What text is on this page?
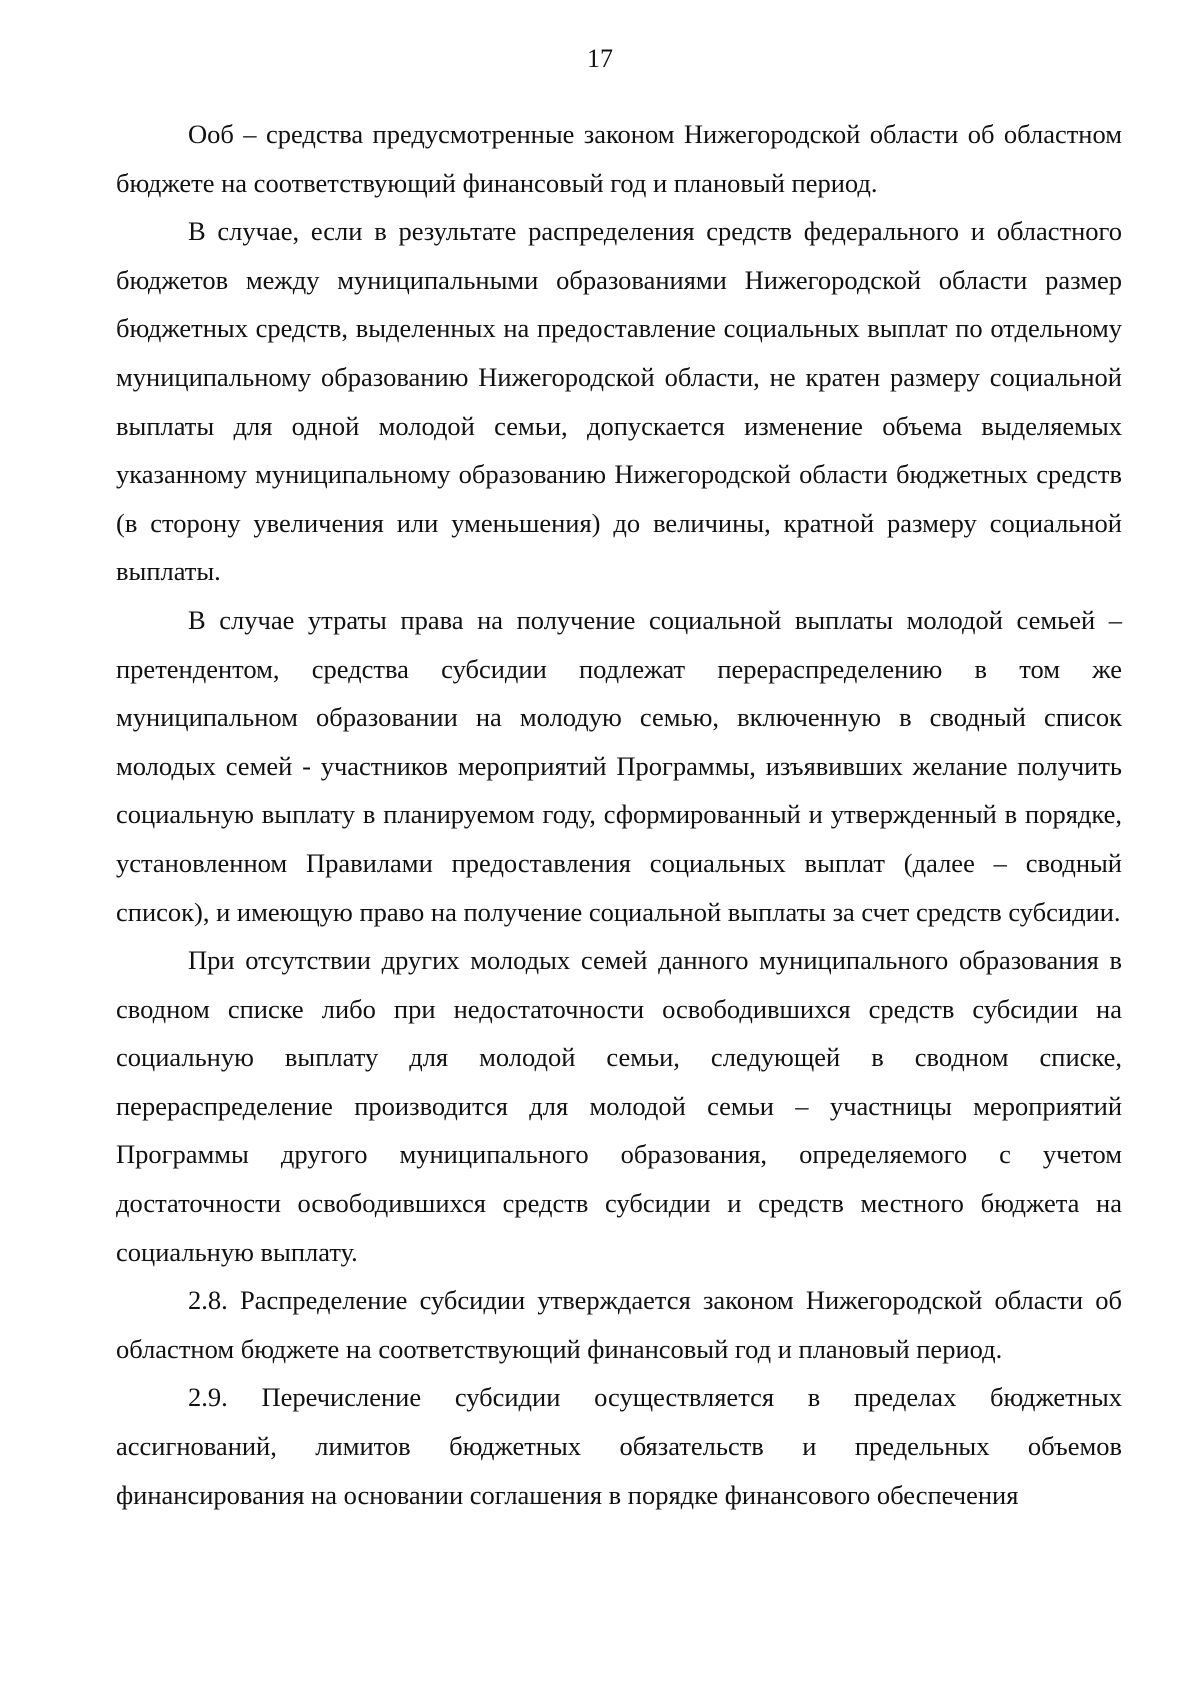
17

Ооб – средства предусмотренные законом Нижегородской области об областном бюджете на соответствующий финансовый год и плановый период.

В случае, если в результате распределения средств федерального и областного бюджетов между муниципальными образованиями Нижегородской области размер бюджетных средств, выделенных на предоставление социальных выплат по отдельному муниципальному образованию Нижегородской области, не кратен размеру социальной выплаты для одной молодой семьи, допускается изменение объема выделяемых указанному муниципальному образованию Нижегородской области бюджетных средств (в сторону увеличения или уменьшения) до величины, кратной размеру социальной выплаты.

В случае утраты права на получение социальной выплаты молодой семьей – претендентом, средства субсидии подлежат перераспределению в том же муниципальном образовании на молодую семью, включенную в сводный список молодых семей - участников мероприятий Программы, изъявивших желание получить социальную выплату в планируемом году, сформированный и утвержденный в порядке, установленном Правилами предоставления социальных выплат (далее – сводный список), и имеющую право на получение социальной выплаты за счет средств субсидии.

При отсутствии других молодых семей данного муниципального образования в сводном списке либо при недостаточности освободившихся средств субсидии на социальную выплату для молодой семьи, следующей в сводном списке, перераспределение производится для молодой семьи – участницы мероприятий Программы другого муниципального образования, определяемого с учетом достаточности освободившихся средств субсидии и средств местного бюджета на социальную выплату.

2.8. Распределение субсидии утверждается законом Нижегородской области об областном бюджете на соответствующий финансовый год и плановый период.

2.9. Перечисление субсидии осуществляется в пределах бюджетных ассигнований, лимитов бюджетных обязательств и предельных объемов финансирования на основании соглашения в порядке финансового обеспечения
